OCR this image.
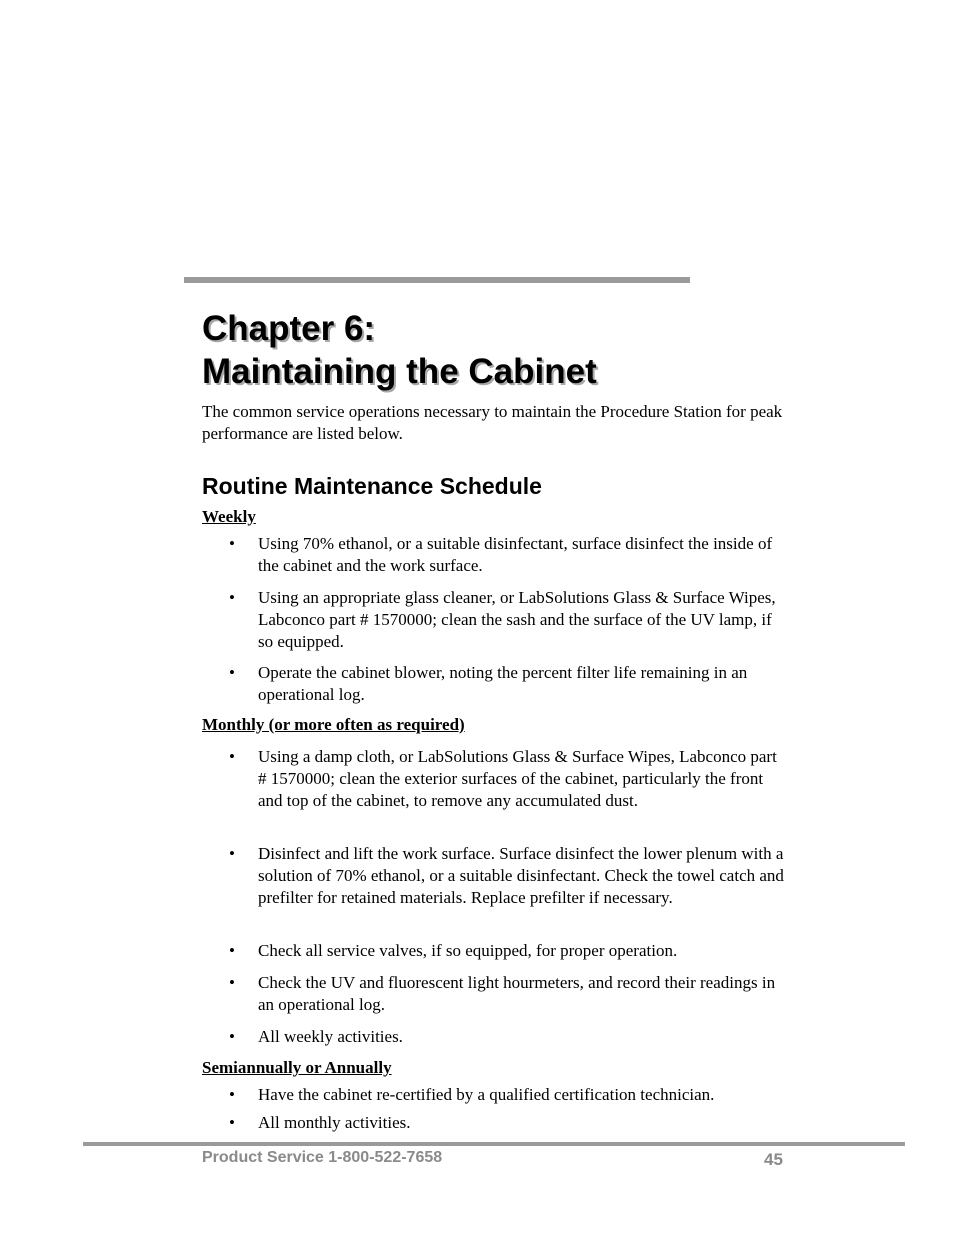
Chapter 6:
Maintaining the Cabinet

The common service operations necessary to maintain the Procedure Station for peak performance are listed below.

Routine Maintenance Schedule

Weekly

• Using 70% ethanol, or a suitable disinfectant, surface disinfect the inside of the cabinet and the work surface.
• Using an appropriate glass cleaner, or LabSolutions Glass & Surface Wipes, Labconco part # 1570000; clean the sash and the surface of the UV lamp, if so equipped.
• Operate the cabinet blower, noting the percent filter life remaining in an operational log.

Monthly (or more often as required)

• Using a damp cloth, or LabSolutions Glass & Surface Wipes, Labconco part # 1570000; clean the exterior surfaces of the cabinet, particularly the front and top of the cabinet, to remove any accumulated dust.
• Disinfect and lift the work surface. Surface disinfect the lower plenum with a solution of 70% ethanol, or a suitable disinfectant. Check the towel catch and prefilter for retained materials. Replace prefilter if necessary.
• Check all service valves, if so equipped, for proper operation.
• Check the UV and fluorescent light hourmeters, and record their readings in an operational log.
• All weekly activities.

Semiannually or Annually

• Have the cabinet re-certified by a qualified certification technician.
• All monthly activities.

Product Service 1-800-522-7658	45
